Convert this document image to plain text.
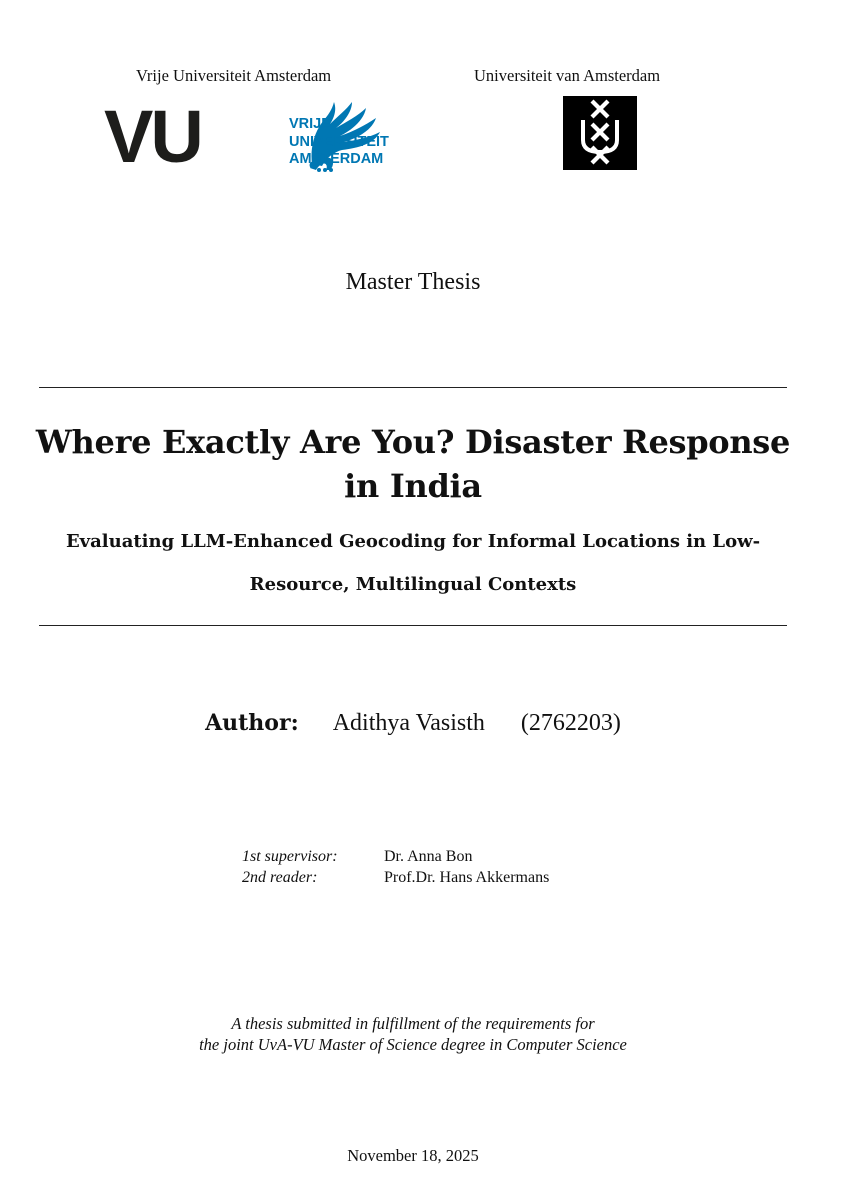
Vrije Universiteit Amsterdam	Universiteit van Amsterdam
VU	VRIJE
UNIVERSITEIT
AMSTERDAM
Master Thesis
Where Exactly Are You? Disaster Response in India
Evaluating LLM-Enhanced Geocoding for Informal Locations in Low-Resource, Multilingual Contexts
Author: Adithya Vasisth (2762203)
1st supervisor:	Dr. Anna Bon
2nd reader:	Prof.Dr. Hans Akkermans
A thesis submitted in fulfillment of the requirements for
the joint UvA-VU Master of Science degree in Computer Science
November 18, 2025
